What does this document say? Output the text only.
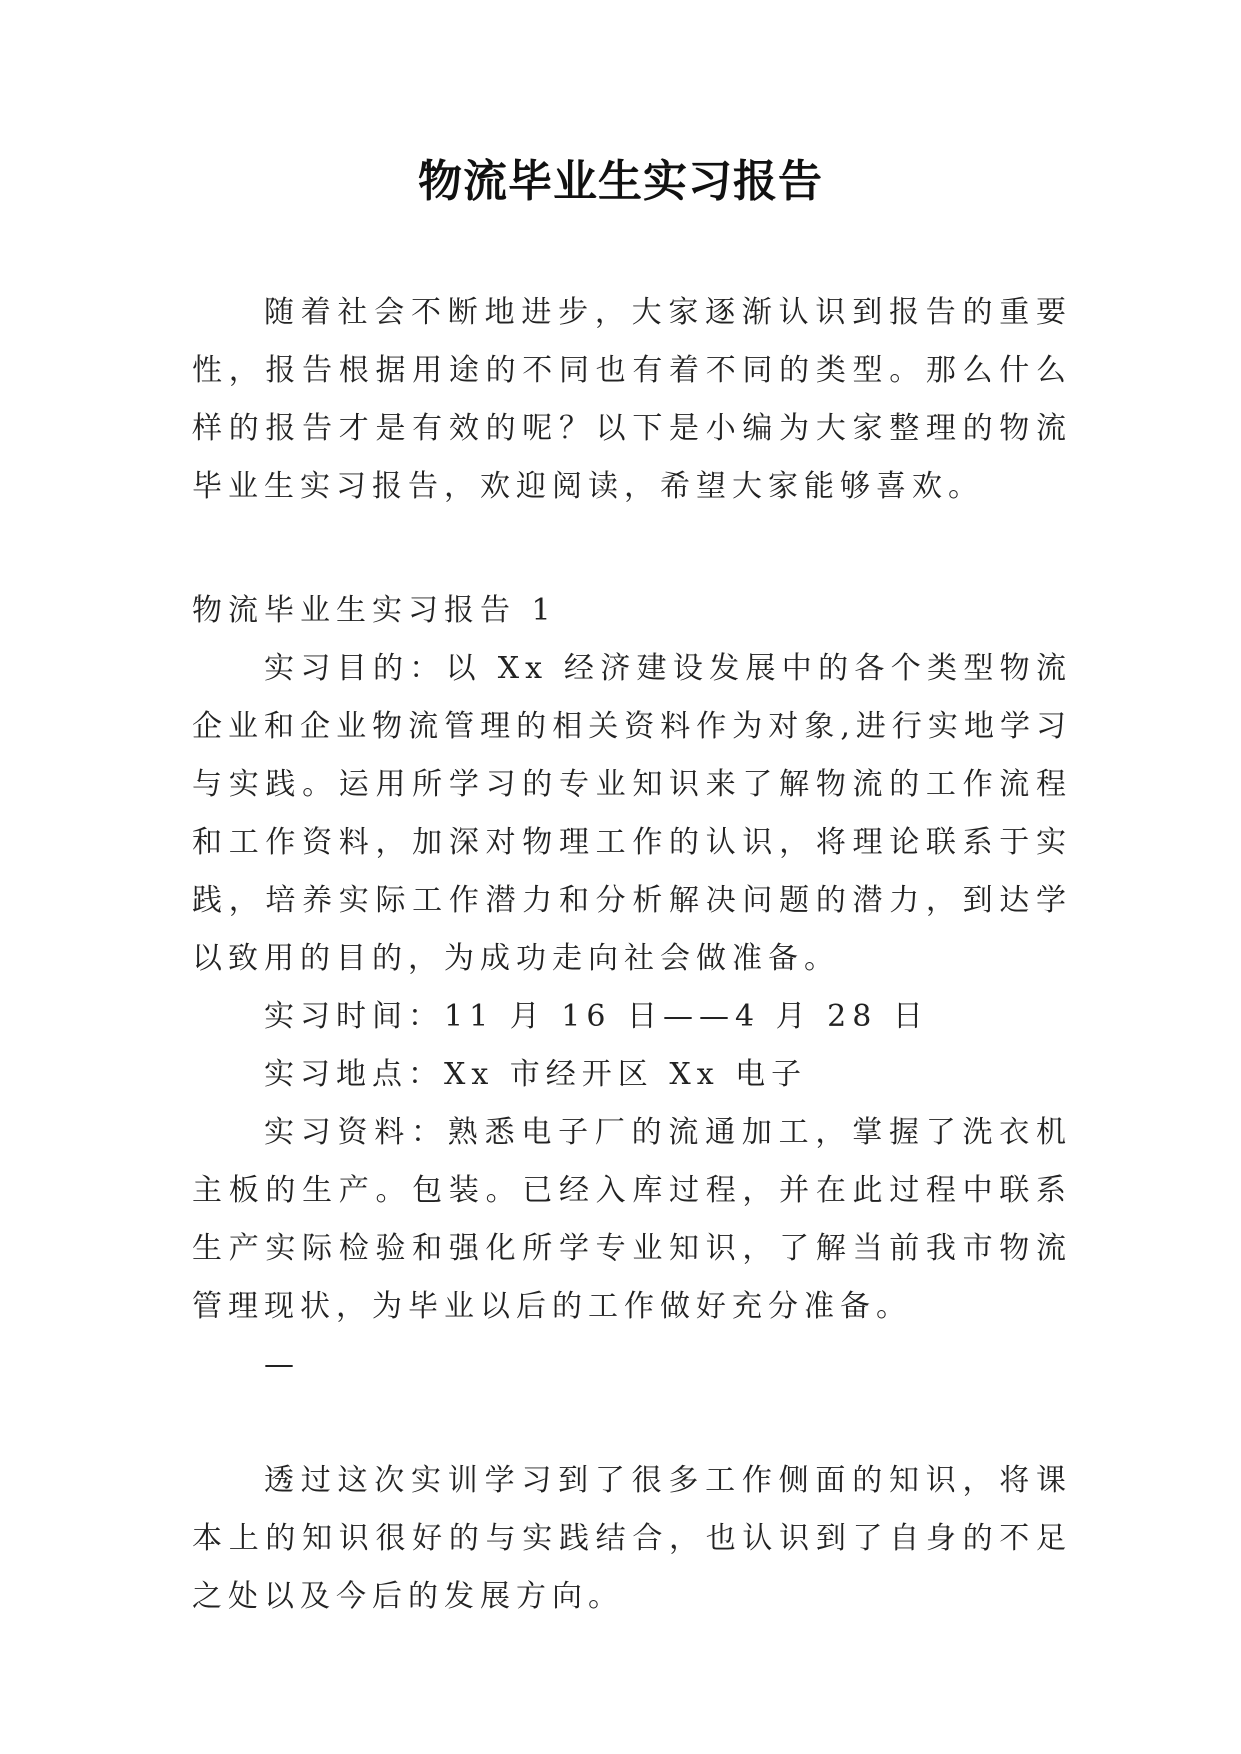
物流毕业生实习报告

随着社会不断地进步，大家逐渐认识到报告的重要性，报告根据用途的不同也有着不同的类型。那么什么样的报告才是有效的呢？以下是小编为大家整理的物流毕业生实习报告，欢迎阅读，希望大家能够喜欢。

物流毕业生实习报告 1

实习目的：以 Xx 经济建设发展中的各个类型物流企业和企业物流管理的相关资料作为对象,进行实地学习与实践。运用所学习的专业知识来了解物流的工作流程和工作资料，加深对物理工作的认识，将理论联系于实践，培养实际工作潜力和分析解决问题的潜力，到达学以致用的目的，为成功走向社会做准备。

实习时间：11 月 16 日——4 月 28 日

实习地点：Xx 市经开区 Xx 电子

实习资料：熟悉电子厂的流通加工，掌握了洗衣机主板的生产。包装。已经入库过程，并在此过程中联系生产实际检验和强化所学专业知识，了解当前我市物流管理现状，为毕业以后的工作做好充分准备。

—

透过这次实训学习到了很多工作侧面的知识，将课本上的知识很好的与实践结合，也认识到了自身的不足之处以及今后的发展方向。
